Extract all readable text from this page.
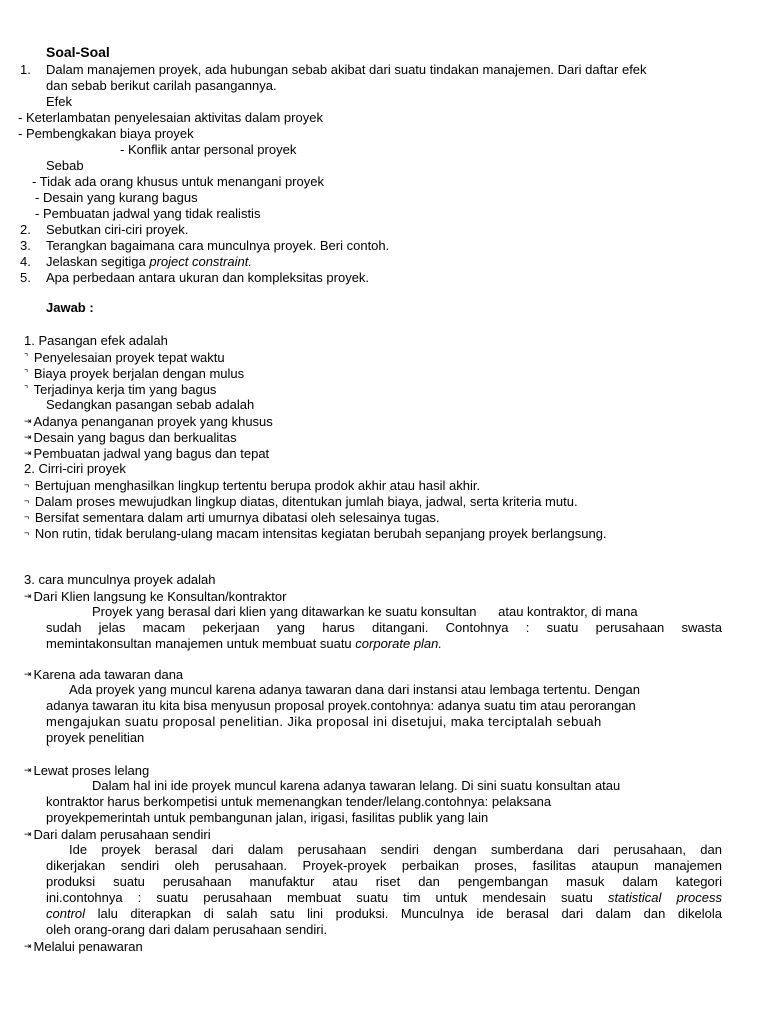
Soal-Soal
1. Dalam manajemen proyek, ada hubungan sebab akibat dari suatu tindakan manajemen. Dari daftar efek
dan sebab berikut carilah pasangannya.
Efek
- Keterlambatan penyelesaian aktivitas dalam proyek
- Pembengkakan biaya proyek
- Konflik antar personal proyek
Sebab
- Tidak ada orang khusus untuk menangani proyek
- Desain yang kurang bagus
- Pembuatan jadwal yang tidak realistis
2. Sebutkan ciri-ciri proyek.
3. Terangkan bagaimana cara munculnya proyek. Beri contoh.
4. Jelaskan segitiga project constraint.
5. Apa perbedaan antara ukuran dan kompleksitas proyek.
Jawab :
1. Pasangan efek adalah
⌝ Penyelesaian proyek tepat waktu
⌝ Biaya proyek berjalan dengan mulus
⌝ Terjadinya kerja tim yang bagus
Sedangkan pasangan sebab adalah
⇥ Adanya penanganan proyek yang khusus
⇥ Desain yang bagus dan berkualitas
⇥ Pembuatan jadwal yang bagus dan tepat
2. Cirri-ciri proyek
¬ Bertujuan menghasilkan lingkup tertentu berupa prodok akhir atau hasil akhir.
¬ Dalam proses mewujudkan lingkup diatas, ditentukan jumlah biaya, jadwal, serta kriteria mutu.
¬ Bersifat sementara dalam arti umurnya dibatasi oleh selesainya tugas.
¬ Non rutin, tidak berulang-ulang macam intensitas kegiatan berubah sepanjang proyek berlangsung.
3. cara munculnya proyek adalah
⇥ Dari Klien langsung ke Konsultan/kontraktor
Proyek yang berasal dari klien yang ditawarkan ke suatu konsultan      atau kontraktor, di mana
sudah jelas macam pekerjaan yang harus ditangani. Contohnya : suatu perusahaan swasta
memintakonsultan manajemen untuk membuat suatu corporate plan.
⇥ Karena ada tawaran dana
Ada proyek yang muncul karena adanya tawaran dana dari instansi atau lembaga tertentu. Dengan
adanya tawaran itu kita bisa menyusun proposal proyek.contohnya: adanya suatu tim atau perorangan
mengajukan suatu proposal penelitian. Jika proposal ini disetujui, maka terciptalah sebuah
proyek penelitian
`
⇥ Lewat proses lelang
Dalam hal ini ide proyek muncul karena adanya tawaran lelang. Di sini suatu konsultan atau
kontraktor harus berkompetisi untuk memenangkan tender/lelang.contohnya: pelaksana
proyekpemerintah untuk pembangunan jalan, irigasi, fasilitas publik yang lain
⇥ Dari dalam perusahaan sendiri
Ide proyek berasal dari dalam perusahaan sendiri dengan sumberdana dari perusahaan, dan
dikerjakan sendiri oleh perusahaan. Proyek-proyek perbaikan proses, fasilitas ataupun manajemen
produksi suatu perusahaan manufaktur atau riset dan pengembangan masuk dalam kategori
ini.contohnya : suatu perusahaan membuat suatu tim untuk mendesain suatu statistical process
control lalu diterapkan di salah satu lini produksi. Munculnya ide berasal dari dalam dan dikelola
oleh orang-orang dari dalam perusahaan sendiri.
⇥ Melalui penawaran
